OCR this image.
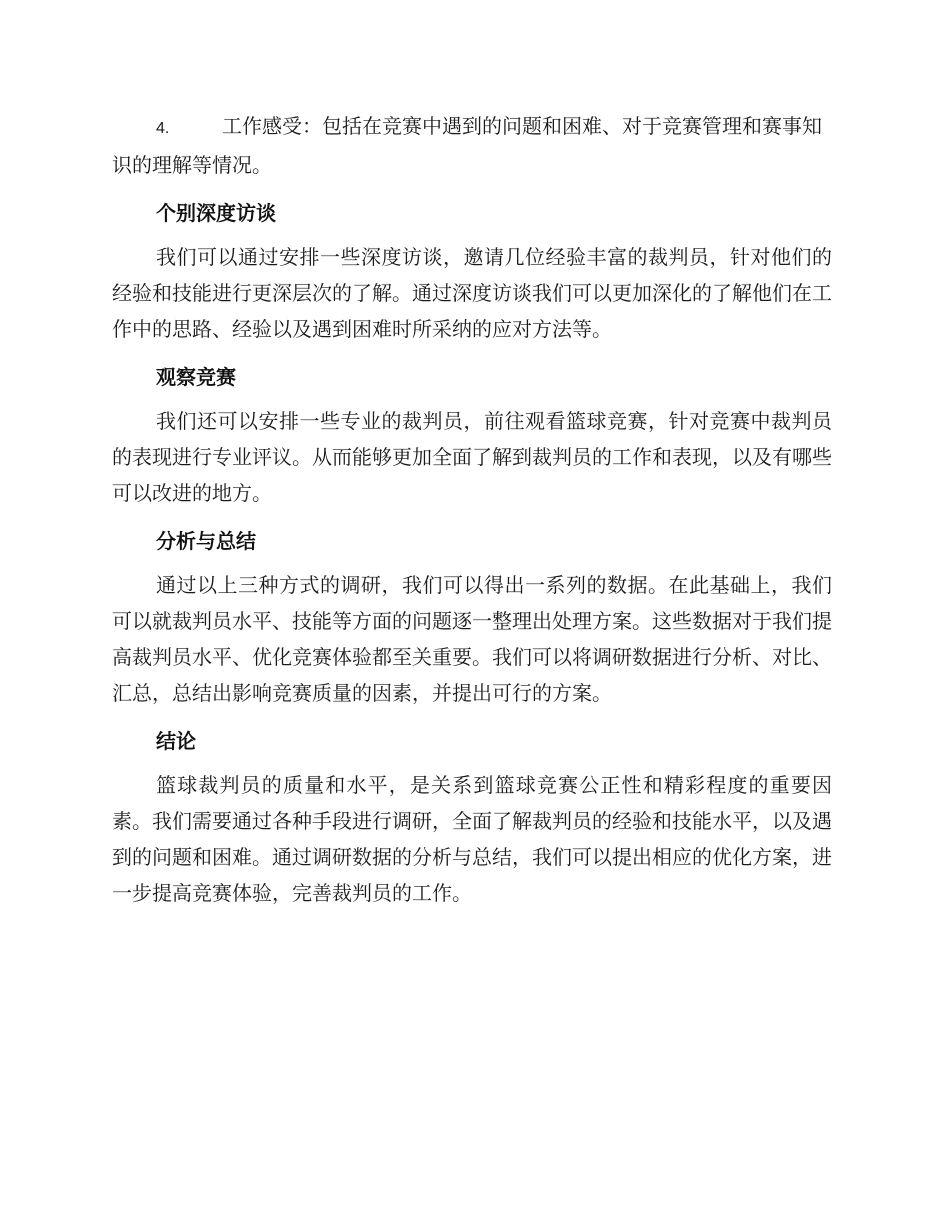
4.	工作感受：包括在竞赛中遇到的问题和困难、对于竞赛管理和赛事知识的理解等情况。

个别深度访谈

我们可以通过安排一些深度访谈，邀请几位经验丰富的裁判员，针对他们的经验和技能进行更深层次的了解。通过深度访谈我们可以更加深化的了解他们在工作中的思路、经验以及遇到困难时所采纳的应对方法等。

观察竞赛

我们还可以安排一些专业的裁判员，前往观看篮球竞赛，针对竞赛中裁判员的表现进行专业评议。从而能够更加全面了解到裁判员的工作和表现，以及有哪些可以改进的地方。

分析与总结

通过以上三种方式的调研，我们可以得出一系列的数据。在此基础上，我们可以就裁判员水平、技能等方面的问题逐一整理出处理方案。这些数据对于我们提高裁判员水平、优化竞赛体验都至关重要。我们可以将调研数据进行分析、对比、汇总，总结出影响竞赛质量的因素，并提出可行的方案。

结论

篮球裁判员的质量和水平，是关系到篮球竞赛公正性和精彩程度的重要因素。我们需要通过各种手段进行调研，全面了解裁判员的经验和技能水平，以及遇到的问题和困难。通过调研数据的分析与总结，我们可以提出相应的优化方案，进一步提高竞赛体验，完善裁判员的工作。
